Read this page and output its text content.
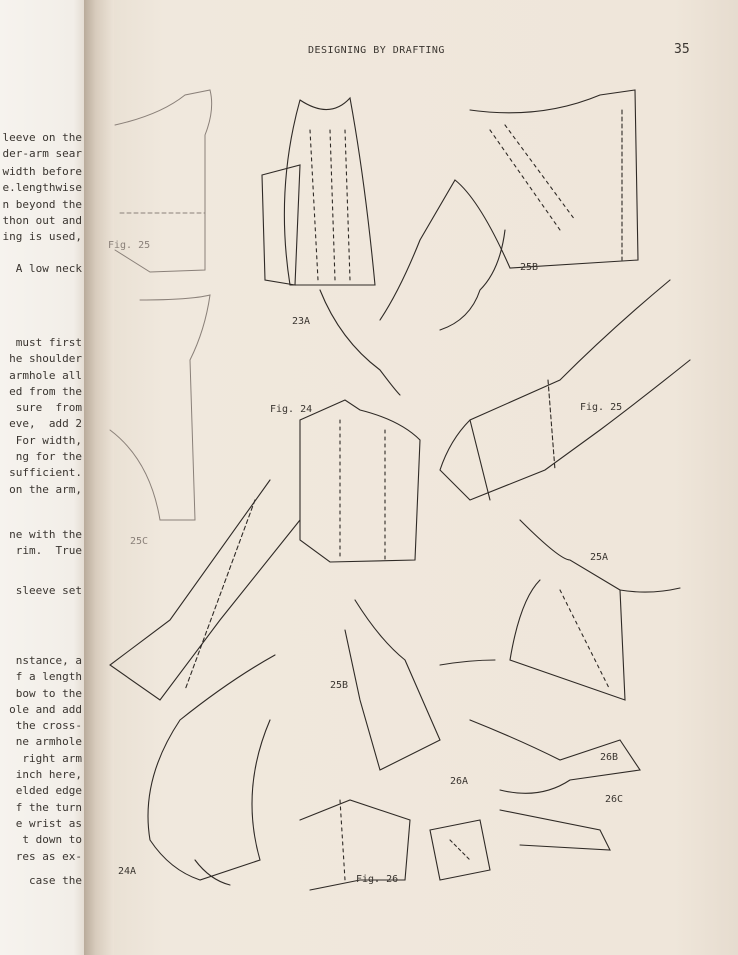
leeve on the
der-arm sear
width before
e.lengthwise
n beyond the
thon out and
ing is used,
A low neck
must first
he shoulder
armhole all
ed from the
sure  from
eve,  add 2
For width,
ng for the
sufficient.
on the arm,
ne with the
rim.  True
sleeve set
nstance, a
f a length
bow to the
ole and add
the cross-
ne armhole
right arm
inch here,
elded edge
f the turn
e wrist as
t down to
res as ex-
case the
DESIGNING BY DRAFTING	35
Fig. 25
23A
25B
Fig. 24	Fig. 25
25C
25A
25B
26B
26A
24A
Fig. 26
26C
